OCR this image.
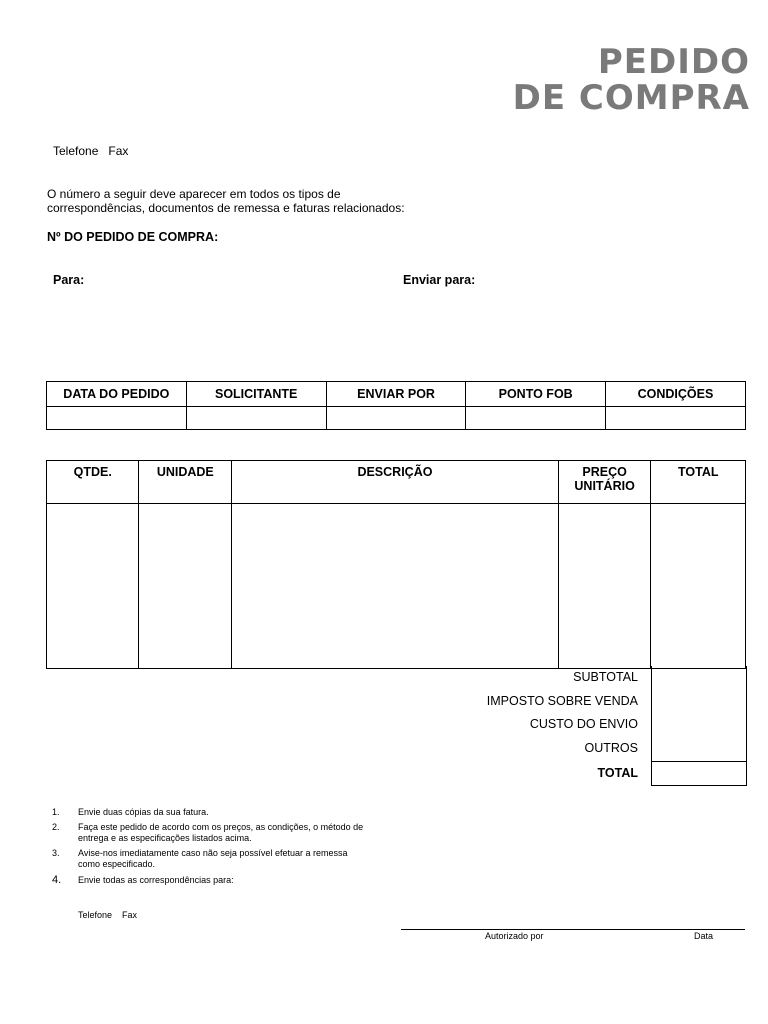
PEDIDO
DE COMPRA
Telefone Fax
O número a seguir deve aparecer em todos os tipos de
correspondências, documentos de remessa e faturas relacionados:
Nº DO PEDIDO DE COMPRA:
Para:	Enviar para:
DATA DO PEDIDO	SOLICITANTE	ENVIAR POR	PONTO FOB	CONDIÇÕES

QTDE.	UNIDADE	DESCRIÇÃO	PREÇO UNITÁRIO	TOTAL

SUBTOTAL
IMPOSTO SOBRE VENDA
CUSTO DO ENVIO
OUTROS
TOTAL
1. Envie duas cópias da sua fatura.
2. Faça este pedido de acordo com os preços, as condições, o método de entrega e as especificações listados acima.
3. Avise-nos imediatamente caso não seja possível efetuar a remessa como especificado.
4. Envie todas as correspondências para:
Telefone Fax
Autorizado por	Data
